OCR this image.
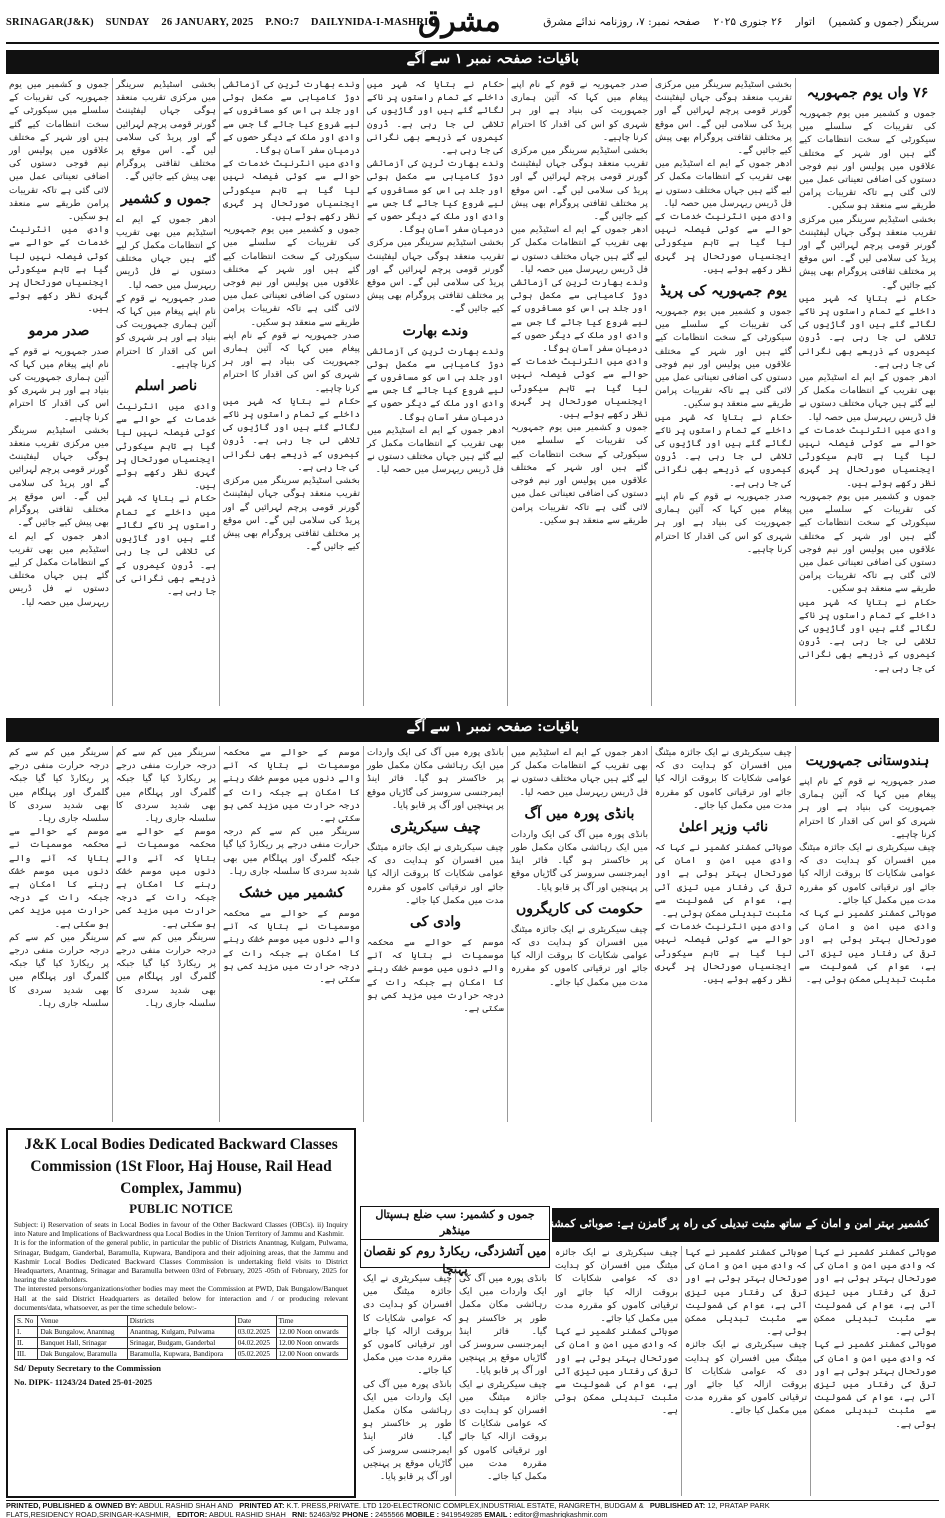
SRINAGAR(J&K) SUNDAY 26 JANUARY, 2025 P.NO:7 DAILYNIDA-I-MASHRIQ
مشرق	سرینگر (جموں و کشمیر) اتوار ۲۶ جنوری ۲۰۲۵ صفحہ نمبر: ۷، روزنامہ ندائے مشرق
باقیات: صفحہ نمبر ۱ سے آگے
۷۶ واں یوم جمہوریہ

جموں و کشمیر میں یوم جمہوریہ کی تقریبات کے سلسلے میں سیکورٹی کے سخت انتظامات کیے گئے ہیں اور شہر کے مختلف علاقوں میں پولیس اور نیم فوجی دستوں کی اضافی تعیناتی عمل میں لائی گئی ہے تاکہ تقریبات پرامن طریقے سے منعقد ہو سکیں۔

بخشی اسٹیڈیم سرینگر میں مرکزی تقریب منعقد ہوگی جہاں لیفٹیننٹ گورنر قومی پرچم لہرائیں گے اور پریڈ کی سلامی لیں گے۔ اس موقع پر مختلف ثقافتی پروگرام بھی پیش کیے جائیں گے۔

حکام نے بتایا کہ شہر میں داخلے کے تمام راستوں پر ناکے لگائے گئے ہیں اور گاڑیوں کی تلاشی لی جا رہی ہے۔ ڈرون کیمروں کے ذریعے بھی نگرانی کی جا رہی ہے۔

ادھر جموں کے ایم اے اسٹیڈیم میں بھی تقریب کے انتظامات مکمل کر لیے گئے ہیں جہاں مختلف دستوں نے فل ڈریس ریہرسل میں حصہ لیا۔

وادی میں انٹرنیٹ خدمات کے حوالے سے کوئی فیصلہ نہیں لیا گیا ہے تاہم سیکورٹی ایجنسیاں صورتحال پر گہری نظر رکھے ہوئے ہیں۔

جموں و کشمیر میں یوم جمہوریہ کی تقریبات کے سلسلے میں سیکورٹی کے سخت انتظامات کیے گئے ہیں اور شہر کے مختلف علاقوں میں پولیس اور نیم فوجی دستوں کی اضافی تعیناتی عمل میں لائی گئی ہے تاکہ تقریبات پرامن طریقے سے منعقد ہو سکیں۔

حکام نے بتایا کہ شہر میں داخلے کے تمام راستوں پر ناکے لگائے گئے ہیں اور گاڑیوں کی تلاشی لی جا رہی ہے۔ ڈرون کیمروں کے ذریعے بھی نگرانی کی جا رہی ہے۔

بخشی اسٹیڈیم سرینگر میں مرکزی تقریب منعقد ہوگی جہاں لیفٹیننٹ گورنر قومی پرچم لہرائیں گے اور پریڈ کی سلامی لیں گے۔ اس موقع پر مختلف ثقافتی پروگرام بھی پیش کیے جائیں گے۔

ادھر جموں کے ایم اے اسٹیڈیم میں بھی تقریب کے انتظامات مکمل کر لیے گئے ہیں جہاں مختلف دستوں نے فل ڈریس ریہرسل میں حصہ لیا۔

وادی میں انٹرنیٹ خدمات کے حوالے سے کوئی فیصلہ نہیں لیا گیا ہے تاہم سیکورٹی ایجنسیاں صورتحال پر گہری نظر رکھے ہوئے ہیں۔

یوم جمہوریہ کی پریڈ

جموں و کشمیر میں یوم جمہوریہ کی تقریبات کے سلسلے میں سیکورٹی کے سخت انتظامات کیے گئے ہیں اور شہر کے مختلف علاقوں میں پولیس اور نیم فوجی دستوں کی اضافی تعیناتی عمل میں لائی گئی ہے تاکہ تقریبات پرامن طریقے سے منعقد ہو سکیں۔

حکام نے بتایا کہ شہر میں داخلے کے تمام راستوں پر ناکے لگائے گئے ہیں اور گاڑیوں کی تلاشی لی جا رہی ہے۔ ڈرون کیمروں کے ذریعے بھی نگرانی کی جا رہی ہے۔

صدر جمہوریہ نے قوم کے نام اپنے پیغام میں کہا کہ آئین ہماری جمہوریت کی بنیاد ہے اور ہر شہری کو اس کی اقدار کا احترام کرنا چاہیے۔

صدر جمہوریہ نے قوم کے نام اپنے پیغام میں کہا کہ آئین ہماری جمہوریت کی بنیاد ہے اور ہر شہری کو اس کی اقدار کا احترام کرنا چاہیے۔

بخشی اسٹیڈیم سرینگر میں مرکزی تقریب منعقد ہوگی جہاں لیفٹیننٹ گورنر قومی پرچم لہرائیں گے اور پریڈ کی سلامی لیں گے۔ اس موقع پر مختلف ثقافتی پروگرام بھی پیش کیے جائیں گے۔

ادھر جموں کے ایم اے اسٹیڈیم میں بھی تقریب کے انتظامات مکمل کر لیے گئے ہیں جہاں مختلف دستوں نے فل ڈریس ریہرسل میں حصہ لیا۔

وندے بھارت ٹرین کی آزمائشی دوڑ کامیابی سے مکمل ہوئی اور جلد ہی اس کو مسافروں کے لیے شروع کیا جائے گا جس سے وادی اور ملک کے دیگر حصوں کے درمیان سفر آسان ہوگا۔

وادی میں انٹرنیٹ خدمات کے حوالے سے کوئی فیصلہ نہیں لیا گیا ہے تاہم سیکورٹی ایجنسیاں صورتحال پر گہری نظر رکھے ہوئے ہیں۔

جموں و کشمیر میں یوم جمہوریہ کی تقریبات کے سلسلے میں سیکورٹی کے سخت انتظامات کیے گئے ہیں اور شہر کے مختلف علاقوں میں پولیس اور نیم فوجی دستوں کی اضافی تعیناتی عمل میں لائی گئی ہے تاکہ تقریبات پرامن طریقے سے منعقد ہو سکیں۔

حکام نے بتایا کہ شہر میں داخلے کے تمام راستوں پر ناکے لگائے گئے ہیں اور گاڑیوں کی تلاشی لی جا رہی ہے۔ ڈرون کیمروں کے ذریعے بھی نگرانی کی جا رہی ہے۔

وندے بھارت ٹرین کی آزمائشی دوڑ کامیابی سے مکمل ہوئی اور جلد ہی اس کو مسافروں کے لیے شروع کیا جائے گا جس سے وادی اور ملک کے دیگر حصوں کے درمیان سفر آسان ہوگا۔

بخشی اسٹیڈیم سرینگر میں مرکزی تقریب منعقد ہوگی جہاں لیفٹیننٹ گورنر قومی پرچم لہرائیں گے اور پریڈ کی سلامی لیں گے۔ اس موقع پر مختلف ثقافتی پروگرام بھی پیش کیے جائیں گے۔

وندے بھارت

وندے بھارت ٹرین کی آزمائشی دوڑ کامیابی سے مکمل ہوئی اور جلد ہی اس کو مسافروں کے لیے شروع کیا جائے گا جس سے وادی اور ملک کے دیگر حصوں کے درمیان سفر آسان ہوگا۔

ادھر جموں کے ایم اے اسٹیڈیم میں بھی تقریب کے انتظامات مکمل کر لیے گئے ہیں جہاں مختلف دستوں نے فل ڈریس ریہرسل میں حصہ لیا۔

وندے بھارت ٹرین کی آزمائشی دوڑ کامیابی سے مکمل ہوئی اور جلد ہی اس کو مسافروں کے لیے شروع کیا جائے گا جس سے وادی اور ملک کے دیگر حصوں کے درمیان سفر آسان ہوگا۔

وادی میں انٹرنیٹ خدمات کے حوالے سے کوئی فیصلہ نہیں لیا گیا ہے تاہم سیکورٹی ایجنسیاں صورتحال پر گہری نظر رکھے ہوئے ہیں۔

جموں و کشمیر میں یوم جمہوریہ کی تقریبات کے سلسلے میں سیکورٹی کے سخت انتظامات کیے گئے ہیں اور شہر کے مختلف علاقوں میں پولیس اور نیم فوجی دستوں کی اضافی تعیناتی عمل میں لائی گئی ہے تاکہ تقریبات پرامن طریقے سے منعقد ہو سکیں۔

صدر جمہوریہ نے قوم کے نام اپنے پیغام میں کہا کہ آئین ہماری جمہوریت کی بنیاد ہے اور ہر شہری کو اس کی اقدار کا احترام کرنا چاہیے۔

حکام نے بتایا کہ شہر میں داخلے کے تمام راستوں پر ناکے لگائے گئے ہیں اور گاڑیوں کی تلاشی لی جا رہی ہے۔ ڈرون کیمروں کے ذریعے بھی نگرانی کی جا رہی ہے۔

بخشی اسٹیڈیم سرینگر میں مرکزی تقریب منعقد ہوگی جہاں لیفٹیننٹ گورنر قومی پرچم لہرائیں گے اور پریڈ کی سلامی لیں گے۔ اس موقع پر مختلف ثقافتی پروگرام بھی پیش کیے جائیں گے۔

بخشی اسٹیڈیم سرینگر میں مرکزی تقریب منعقد ہوگی جہاں لیفٹیننٹ گورنر قومی پرچم لہرائیں گے اور پریڈ کی سلامی لیں گے۔ اس موقع پر مختلف ثقافتی پروگرام بھی پیش کیے جائیں گے۔

جموں و کشمیر

ادھر جموں کے ایم اے اسٹیڈیم میں بھی تقریب کے انتظامات مکمل کر لیے گئے ہیں جہاں مختلف دستوں نے فل ڈریس ریہرسل میں حصہ لیا۔

صدر جمہوریہ نے قوم کے نام اپنے پیغام میں کہا کہ آئین ہماری جمہوریت کی بنیاد ہے اور ہر شہری کو اس کی اقدار کا احترام کرنا چاہیے۔

ناصر اسلم

وادی میں انٹرنیٹ خدمات کے حوالے سے کوئی فیصلہ نہیں لیا گیا ہے تاہم سیکورٹی ایجنسیاں صورتحال پر گہری نظر رکھے ہوئے ہیں۔

حکام نے بتایا کہ شہر میں داخلے کے تمام راستوں پر ناکے لگائے گئے ہیں اور گاڑیوں کی تلاشی لی جا رہی ہے۔ ڈرون کیمروں کے ذریعے بھی نگرانی کی جا رہی ہے۔

جموں و کشمیر میں یوم جمہوریہ کی تقریبات کے سلسلے میں سیکورٹی کے سخت انتظامات کیے گئے ہیں اور شہر کے مختلف علاقوں میں پولیس اور نیم فوجی دستوں کی اضافی تعیناتی عمل میں لائی گئی ہے تاکہ تقریبات پرامن طریقے سے منعقد ہو سکیں۔

وادی میں انٹرنیٹ خدمات کے حوالے سے کوئی فیصلہ نہیں لیا گیا ہے تاہم سیکورٹی ایجنسیاں صورتحال پر گہری نظر رکھے ہوئے ہیں۔

صدر مرمو

صدر جمہوریہ نے قوم کے نام اپنے پیغام میں کہا کہ آئین ہماری جمہوریت کی بنیاد ہے اور ہر شہری کو اس کی اقدار کا احترام کرنا چاہیے۔

بخشی اسٹیڈیم سرینگر میں مرکزی تقریب منعقد ہوگی جہاں لیفٹیننٹ گورنر قومی پرچم لہرائیں گے اور پریڈ کی سلامی لیں گے۔ اس موقع پر مختلف ثقافتی پروگرام بھی پیش کیے جائیں گے۔

ادھر جموں کے ایم اے اسٹیڈیم میں بھی تقریب کے انتظامات مکمل کر لیے گئے ہیں جہاں مختلف دستوں نے فل ڈریس ریہرسل میں حصہ لیا۔

باقیات: صفحہ نمبر ۱ سے آگے
ہندوستانی جمہوریت

صدر جمہوریہ نے قوم کے نام اپنے پیغام میں کہا کہ آئین ہماری جمہوریت کی بنیاد ہے اور ہر شہری کو اس کی اقدار کا احترام کرنا چاہیے۔

چیف سیکریٹری نے ایک جائزہ میٹنگ میں افسران کو ہدایت دی کہ عوامی شکایات کا بروقت ازالہ کیا جائے اور ترقیاتی کاموں کو مقررہ مدت میں مکمل کیا جائے۔

صوبائی کمشنر کشمیر نے کہا کہ وادی میں امن و امان کی صورتحال بہتر ہوئی ہے اور ترقی کی رفتار میں تیزی آئی ہے، عوام کی شمولیت سے مثبت تبدیلی ممکن ہوئی ہے۔

چیف سیکریٹری نے ایک جائزہ میٹنگ میں افسران کو ہدایت دی کہ عوامی شکایات کا بروقت ازالہ کیا جائے اور ترقیاتی کاموں کو مقررہ مدت میں مکمل کیا جائے۔

نائب وزیر اعلیٰ

صوبائی کمشنر کشمیر نے کہا کہ وادی میں امن و امان کی صورتحال بہتر ہوئی ہے اور ترقی کی رفتار میں تیزی آئی ہے، عوام کی شمولیت سے مثبت تبدیلی ممکن ہوئی ہے۔

وادی میں انٹرنیٹ خدمات کے حوالے سے کوئی فیصلہ نہیں لیا گیا ہے تاہم سیکورٹی ایجنسیاں صورتحال پر گہری نظر رکھے ہوئے ہیں۔

ادھر جموں کے ایم اے اسٹیڈیم میں بھی تقریب کے انتظامات مکمل کر لیے گئے ہیں جہاں مختلف دستوں نے فل ڈریس ریہرسل میں حصہ لیا۔

بانڈی پورہ میں آگ

بانڈی پورہ میں آگ کی ایک واردات میں ایک رہائشی مکان مکمل طور پر خاکستر ہو گیا۔ فائر اینڈ ایمرجنسی سروسز کی گاڑیاں موقع پر پہنچیں اور آگ پر قابو پایا۔

حکومت کی کاریگروں

چیف سیکریٹری نے ایک جائزہ میٹنگ میں افسران کو ہدایت دی کہ عوامی شکایات کا بروقت ازالہ کیا جائے اور ترقیاتی کاموں کو مقررہ مدت میں مکمل کیا جائے۔

بانڈی پورہ میں آگ کی ایک واردات میں ایک رہائشی مکان مکمل طور پر خاکستر ہو گیا۔ فائر اینڈ ایمرجنسی سروسز کی گاڑیاں موقع پر پہنچیں اور آگ پر قابو پایا۔

چیف سیکریٹری

چیف سیکریٹری نے ایک جائزہ میٹنگ میں افسران کو ہدایت دی کہ عوامی شکایات کا بروقت ازالہ کیا جائے اور ترقیاتی کاموں کو مقررہ مدت میں مکمل کیا جائے۔

وادی کی

موسم کے حوالے سے محکمہ موسمیات نے بتایا کہ آنے والے دنوں میں موسم خشک رہنے کا امکان ہے جبکہ رات کے درجہ حرارت میں مزید کمی ہو سکتی ہے۔

موسم کے حوالے سے محکمہ موسمیات نے بتایا کہ آنے والے دنوں میں موسم خشک رہنے کا امکان ہے جبکہ رات کے درجہ حرارت میں مزید کمی ہو سکتی ہے۔

سرینگر میں کم سے کم درجہ حرارت منفی درجے پر ریکارڈ کیا گیا جبکہ گلمرگ اور پہلگام میں بھی شدید سردی کا سلسلہ جاری رہا۔

کشمیر میں خشک

موسم کے حوالے سے محکمہ موسمیات نے بتایا کہ آنے والے دنوں میں موسم خشک رہنے کا امکان ہے جبکہ رات کے درجہ حرارت میں مزید کمی ہو سکتی ہے۔

سرینگر میں کم سے کم درجہ حرارت منفی درجے پر ریکارڈ کیا گیا جبکہ گلمرگ اور پہلگام میں بھی شدید سردی کا سلسلہ جاری رہا۔

موسم کے حوالے سے محکمہ موسمیات نے بتایا کہ آنے والے دنوں میں موسم خشک رہنے کا امکان ہے جبکہ رات کے درجہ حرارت میں مزید کمی ہو سکتی ہے۔

سرینگر میں کم سے کم درجہ حرارت منفی درجے پر ریکارڈ کیا گیا جبکہ گلمرگ اور پہلگام میں بھی شدید سردی کا سلسلہ جاری رہا۔

سرینگر میں کم سے کم درجہ حرارت منفی درجے پر ریکارڈ کیا گیا جبکہ گلمرگ اور پہلگام میں بھی شدید سردی کا سلسلہ جاری رہا۔

موسم کے حوالے سے محکمہ موسمیات نے بتایا کہ آنے والے دنوں میں موسم خشک رہنے کا امکان ہے جبکہ رات کے درجہ حرارت میں مزید کمی ہو سکتی ہے۔

سرینگر میں کم سے کم درجہ حرارت منفی درجے پر ریکارڈ کیا گیا جبکہ گلمرگ اور پہلگام میں بھی شدید سردی کا سلسلہ جاری رہا۔

J&K Local Bodies Dedicated Backward Classes Commission (1St Floor, Haj House, Rail Head Complex, Jammu)
PUBLIC NOTICE

Subject: i) Reservation of seats in Local Bodies in favour of the Other Backward Classes (OBCs). ii) Inquiry into Nature and Implications of Backwardness qua Local Bodies in the Union Territory of Jammu and Kashmir.

It is for the information of the general public, in particular the public of Districts Anantnag, Kulgam, Pulwama, Srinagar, Budgam, Ganderbal, Baramulla, Kupwara, Bandipora and their adjoining areas, that the Jammu and Kashmir Local Bodies Dedicated Backward Classes Commission is undertaking field visits to District Headquarters, Anantnag, Srinagar and Baramulla between 03rd of February, 2025 -05th of February, 2025 for hearing the stakeholders.

The interested persons/organizations/other bodies may meet the Commission at PWD, Dak Bungalow/Banquet Hall at the said District Headquarters as detailed below for interaction and / or producing relevant documents/data, whatsoever, as per the time schedule below:-

S. No	Venue	Districts	Date	Time
I.	Dak Bungalow, Anantnag	Anantnag, Kulgam, Pulwama	03.02.2025	12.00 Noon onwards
II.	Banquet Hall, Srinagar	Srinagar, Budgam, Ganderbal	04.02.2025	12.00 Noon onwards
III.	Dak Bungalow, Baramulla	Baramulla, Kupwara, Bandipora	05.02.2025	12.00 Noon onwards
Sd/ Deputy Secretary to the Commission
No. DIPK- 11243/24 Dated 25-01-2025
کشمیر بہتر امن و امان کے ساتھ مثبت تبدیلی کی راہ پر گامزن ہے: صوبائی کمشنر کشمیر
جموں و کشمیر: سب ضلع ہسپتال مینڈھر
میں آتشزدگی، ریکارڈ روم کو نقصان پہنچا

بانڈی پورہ میں آگ کی ایک واردات میں ایک رہائشی مکان مکمل طور پر خاکستر ہو گیا۔ فائر اینڈ ایمرجنسی سروسز کی گاڑیاں موقع پر پہنچیں اور آگ پر قابو پایا۔

چیف سیکریٹری نے ایک جائزہ میٹنگ میں افسران کو ہدایت دی کہ عوامی شکایات کا بروقت ازالہ کیا جائے اور ترقیاتی کاموں کو مقررہ مدت میں مکمل کیا جائے۔

چیف سیکریٹری نے ایک جائزہ میٹنگ میں افسران کو ہدایت دی کہ عوامی شکایات کا بروقت ازالہ کیا جائے اور ترقیاتی کاموں کو مقررہ مدت میں مکمل کیا جائے۔

بانڈی پورہ میں آگ کی ایک واردات میں ایک رہائشی مکان مکمل طور پر خاکستر ہو گیا۔ فائر اینڈ ایمرجنسی سروسز کی گاڑیاں موقع پر پہنچیں اور آگ پر قابو پایا۔

صوبائی کمشنر کشمیر نے کہا کہ وادی میں امن و امان کی صورتحال بہتر ہوئی ہے اور ترقی کی رفتار میں تیزی آئی ہے، عوام کی شمولیت سے مثبت تبدیلی ممکن ہوئی ہے۔

صوبائی کمشنر کشمیر نے کہا کہ وادی میں امن و امان کی صورتحال بہتر ہوئی ہے اور ترقی کی رفتار میں تیزی آئی ہے، عوام کی شمولیت سے مثبت تبدیلی ممکن ہوئی ہے۔

صوبائی کمشنر کشمیر نے کہا کہ وادی میں امن و امان کی صورتحال بہتر ہوئی ہے اور ترقی کی رفتار میں تیزی آئی ہے، عوام کی شمولیت سے مثبت تبدیلی ممکن ہوئی ہے۔

چیف سیکریٹری نے ایک جائزہ میٹنگ میں افسران کو ہدایت دی کہ عوامی شکایات کا بروقت ازالہ کیا جائے اور ترقیاتی کاموں کو مقررہ مدت میں مکمل کیا جائے۔

چیف سیکریٹری نے ایک جائزہ میٹنگ میں افسران کو ہدایت دی کہ عوامی شکایات کا بروقت ازالہ کیا جائے اور ترقیاتی کاموں کو مقررہ مدت میں مکمل کیا جائے۔

صوبائی کمشنر کشمیر نے کہا کہ وادی میں امن و امان کی صورتحال بہتر ہوئی ہے اور ترقی کی رفتار میں تیزی آئی ہے، عوام کی شمولیت سے مثبت تبدیلی ممکن ہوئی ہے۔

PRINTED, PUBLISHED & OWNED BY: ABDUL RASHID SHAH AND PRINTED AT: K.T. PRESS,PRIVATE. LTD 120-ELECTRONIC COMPLEX,INDUSTRIAL ESTATE, RANGRETH, BUDGAM & PUBLISHED AT: 12, PRATAP PARK
FLATS,RESIDENCY ROAD,SRINGAR-KASHMIR, EDITOR: ABDUL RASHID SHAH RNI: 52463/92 PHONE : 2455566 MOBILE : 9419549285 EMAIL : editor@mashriqkashmir.com
